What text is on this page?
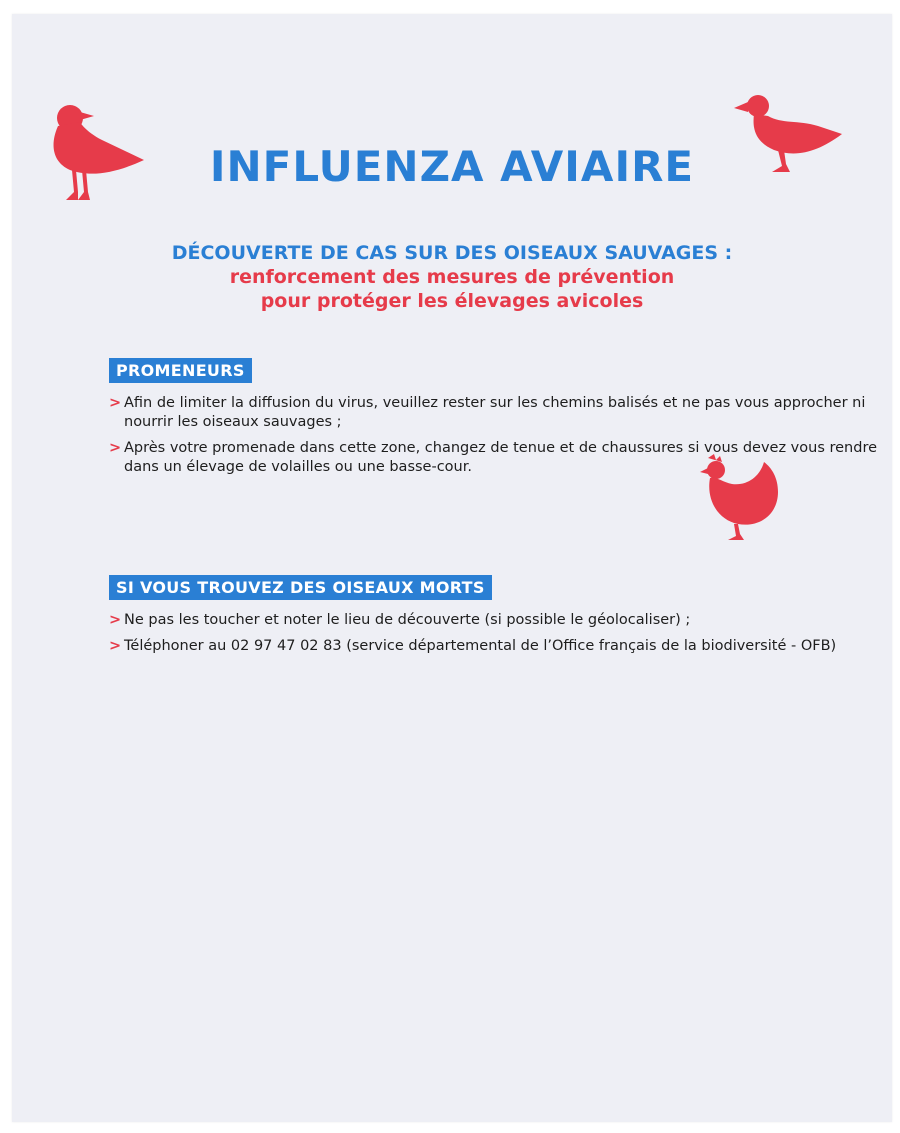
INFLUENZA AVIAIRE
DÉCOUVERTE DE CAS SUR DES OISEAUX SAUVAGES :
renforcement des mesures de prévention
pour protéger les élevages avicoles
PROMENEURS
> Afin de limiter la diffusion du virus, veuillez rester sur les chemins balisés et ne pas vous approcher ni nourrir les oiseaux sauvages ;
> Après votre promenade dans cette zone, changez de tenue et de chaussures si vous devez vous rendre dans un élevage de volailles ou une basse-cour.
SI VOUS TROUVEZ DES OISEAUX MORTS
> Ne pas les toucher et noter le lieu de découverte (si possible le géolocaliser) ;
> Téléphoner au 02 97 47 02 83 (service départemental de l’Office français de la biodiversité - OFB)
